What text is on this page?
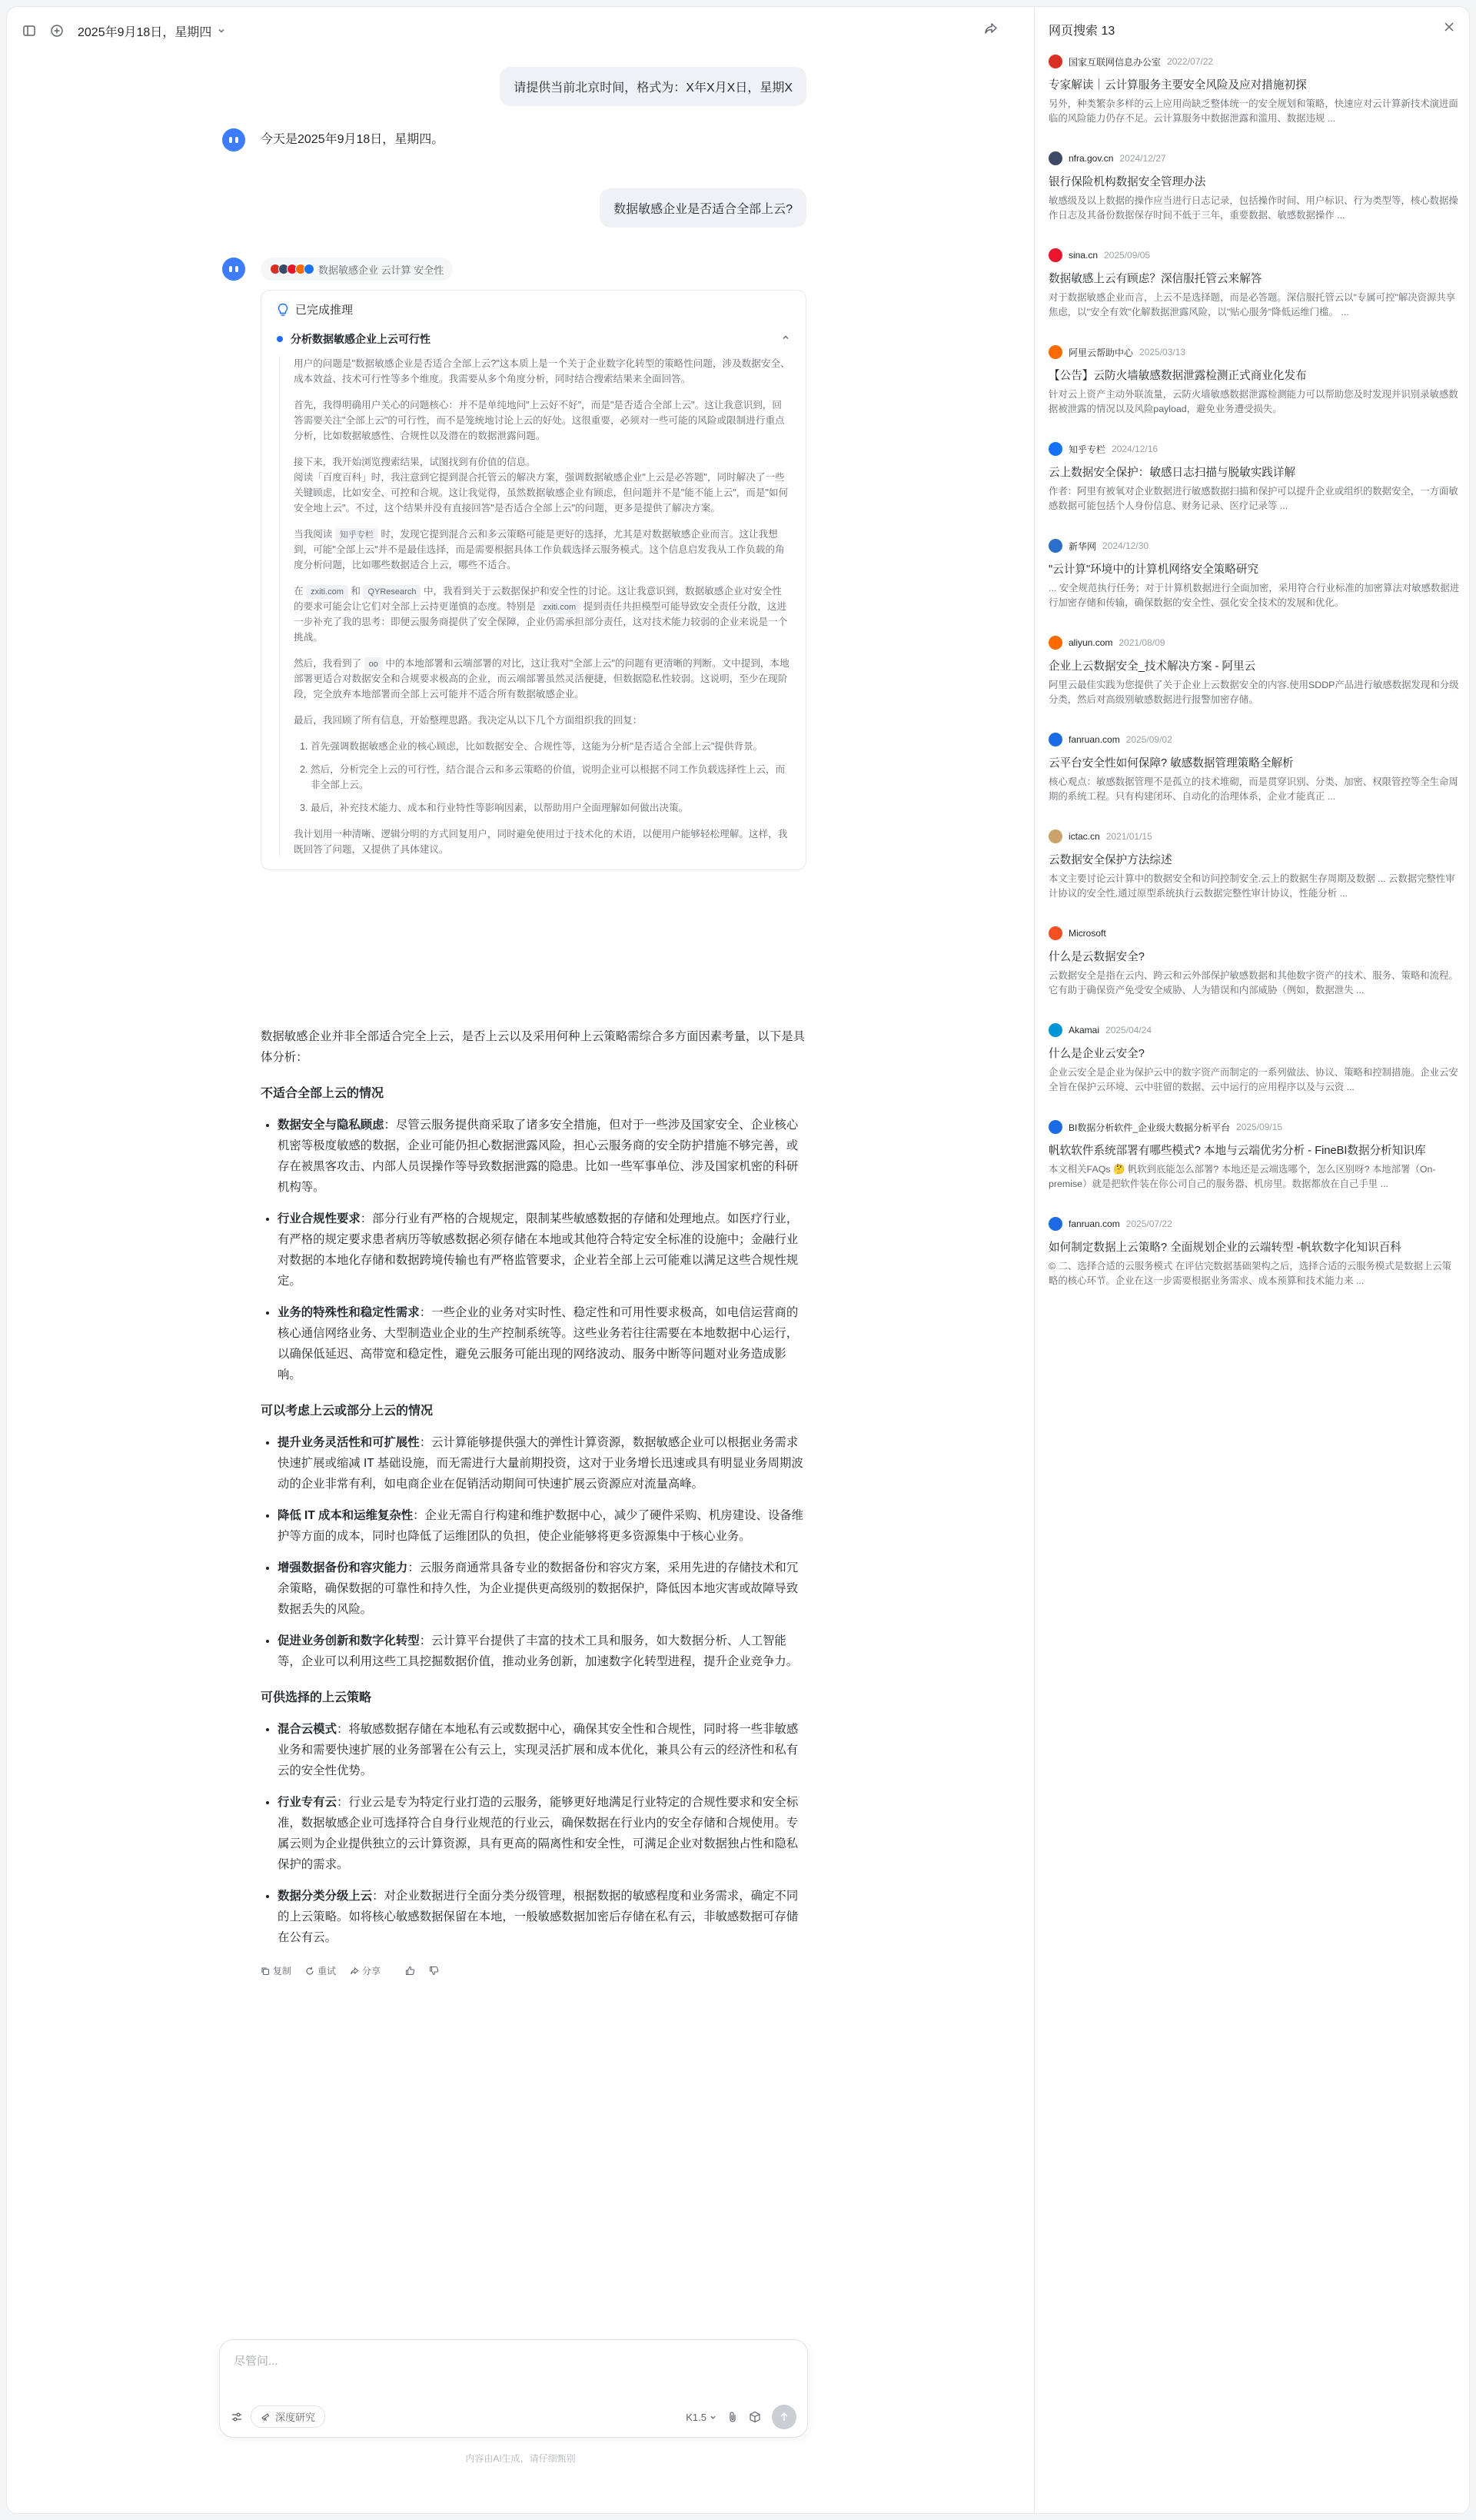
2025年9月18日，星期四
请提供当前北京时间，格式为：X年X月X日，星期X
今天是2025年9月18日，星期四。
数据敏感企业是否适合全部上云?
数据敏感企业 云计算 安全性
已完成推理
分析数据敏感企业上云可行性

用户的问题是"数据敏感企业是否适合全部上云?"这本质上是一个关于企业数字化转型的策略性问题，涉及数据安全、成本效益、技术可行性等多个维度。我需要从多个角度分析，同时结合搜索结果来全面回答。

首先，我得明确用户关心的问题核心：并不是单纯地问"上云好不好"，而是"是否适合全部上云"。这让我意识到，回答需要关注"全部上云"的可行性，而不是笼统地讨论上云的好处。这很重要，必须对一些可能的风险或限制进行重点分析，比如数据敏感性、合规性以及潜在的数据泄露问题。

接下来，我开始浏览搜索结果，试图找到有价值的信息。
阅读「百度百科」时，我注意到它提到混合托管云的解决方案，强调数据敏感企业"上云是必答题"，同时解决了一些关键顾虑，比如安全、可控和合规。这让我觉得，虽然数据敏感企业有顾虑，但问题并不是"能不能上云"，而是"如何安全地上云"。不过，这个结果并没有直接回答"是否适合全部上云"的问题，更多是提供了解决方案。

当我阅读 知乎专栏 时，发现它提到混合云和多云策略可能是更好的选择，尤其是对数据敏感企业而言。这让我想到，可能"全部上云"并不是最佳选择，而是需要根据具体工作负载选择云服务模式。这个信息启发我从工作负载的角度分析问题，比如哪些数据适合上云，哪些不适合。

在 zxiti.com 和 QYResearch 中，我看到关于云数据保护和安全性的讨论。这让我意识到，数据敏感企业对安全性的要求可能会让它们对全部上云持更谨慎的态度。特别是 zxiti.com 提到责任共担模型可能导致安全责任分散，这进一步补充了我的思考：即便云服务商提供了安全保障，企业仍需承担部分责任，这对技术能力较弱的企业来说是一个挑战。

然后，我看到了 oo 中的本地部署和云端部署的对比，这让我对"全部上云"的问题有更清晰的判断。文中提到，本地部署更适合对数据安全和合规要求极高的企业，而云端部署虽然灵活便捷，但数据隐私性较弱。这说明，至少在现阶段，完全放弃本地部署而全部上云可能并不适合所有数据敏感企业。

最后，我回顾了所有信息，开始整理思路。我决定从以下几个方面组织我的回复：

1. 首先强调数据敏感企业的核心顾虑，比如数据安全、合规性等，这能为分析"是否适合全部上云"提供背景。
2. 然后，分析完全上云的可行性，结合混合云和多云策略的价值，说明企业可以根据不同工作负载选择性上云，而非全部上云。
3. 最后，补充技术能力、成本和行业特性等影响因素，以帮助用户全面理解如何做出决策。

我计划用一种清晰、逻辑分明的方式回复用户，同时避免使用过于技术化的术语，以便用户能够轻松理解。这样，我既回答了问题，又提供了具体建议。

数据敏感企业并非全部适合完全上云，是否上云以及采用何种上云策略需综合多方面因素考量，以下是具体分析：

不适合全部上云的情况
• 数据安全与隐私顾虑：尽管云服务提供商采取了诸多安全措施，但对于一些涉及国家安全、企业核心机密等极度敏感的数据，企业可能仍担心数据泄露风险，担心云服务商的安全防护措施不够完善，或存在被黑客攻击、内部人员误操作等导致数据泄露的隐患。比如一些军事单位、涉及国家机密的科研机构等。
• 行业合规性要求：部分行业有严格的合规规定，限制某些敏感数据的存储和处理地点。如医疗行业，有严格的规定要求患者病历等敏感数据必须存储在本地或其他符合特定安全标准的设施中；金融行业对数据的本地化存储和数据跨境传输也有严格监管要求，企业若全部上云可能难以满足这些合规性规定。
• 业务的特殊性和稳定性需求：一些企业的业务对实时性、稳定性和可用性要求极高，如电信运营商的核心通信网络业务、大型制造业企业的生产控制系统等。这些业务若往往需要在本地数据中心运行，以确保低延迟、高带宽和稳定性，避免云服务可能出现的网络波动、服务中断等问题对业务造成影响。
可以考虑上云或部分上云的情况
• 提升业务灵活性和可扩展性：云计算能够提供强大的弹性计算资源，数据敏感企业可以根据业务需求快速扩展或缩减 IT 基础设施，而无需进行大量前期投资，这对于业务增长迅速或具有明显业务周期波动的企业非常有利，如电商企业在促销活动期间可快速扩展云资源应对流量高峰。
• 降低 IT 成本和运维复杂性：企业无需自行构建和维护数据中心，减少了硬件采购、机房建设、设备维护等方面的成本，同时也降低了运维团队的负担，使企业能够将更多资源集中于核心业务。
• 增强数据备份和容灾能力：云服务商通常具备专业的数据备份和容灾方案，采用先进的存储技术和冗余策略，确保数据的可靠性和持久性，为企业提供更高级别的数据保护，降低因本地灾害或故障导致数据丢失的风险。
• 促进业务创新和数字化转型：云计算平台提供了丰富的技术工具和服务，如大数据分析、人工智能等，企业可以利用这些工具挖掘数据价值，推动业务创新，加速数字化转型进程，提升企业竞争力。
可供选择的上云策略
• 混合云模式：将敏感数据存储在本地私有云或数据中心，确保其安全性和合规性，同时将一些非敏感业务和需要快速扩展的业务部署在公有云上，实现灵活扩展和成本优化，兼具公有云的经济性和私有云的安全性优势。
• 行业专有云：行业云是专为特定行业打造的云服务，能够更好地满足行业特定的合规性要求和安全标准，数据敏感企业可选择符合自身行业规范的行业云，确保数据在行业内的安全存储和合规使用。专属云则为企业提供独立的云计算资源，具有更高的隔离性和安全性，可满足企业对数据独占性和隐私保护的需求。
• 数据分类分级上云：对企业数据进行全面分类分级管理，根据数据的敏感程度和业务需求，确定不同的上云策略。如将核心敏感数据保留在本地，一般敏感数据加密后存储在私有云，非敏感数据可存储在公有云。
复制	重试	分享
尽管问...
深度研究	K1.5
内容由AI生成，请仔细甄别
网页搜索 13
国家互联网信息办公室 2022/07/22
专家解读｜云计算服务主要安全风险及应对措施初探
另外，种类繁杂多样的云上应用尚缺乏整体统一的安全规划和策略，快速应对云计算新技术演进面临的风险能力仍存不足。云计算服务中数据泄露和滥用、数据违规 ...
nfra.gov.cn 2024/12/27
银行保险机构数据安全管理办法
敏感级及以上数据的操作应当进行日志记录，包括操作时间、用户标识、行为类型等，核心数据操作日志及其备份数据保存时间不低于三年，重要数据、敏感数据操作 ...
sina.cn 2025/09/05
数据敏感上云有顾虑？深信服托管云来解答
对于数据敏感企业而言，上云不是选择题，而是必答题。深信服托管云以"专属可控"解决资源共享焦虑，以"安全有效"化解数据泄露风险，以"贴心服务"降低运维门槛。 ...
阿里云帮助中心 2025/03/13
【公告】云防火墙敏感数据泄露检测正式商业化发布
针对云上资产主动外联流量，云防火墙敏感数据泄露检测能力可以帮助您及时发现并识别录敏感数据被泄露的情况以及风险payload，避免业务遭受损失。
知乎专栏 2024/12/16
云上数据安全保护：敏感日志扫描与脱敏实践详解
作者：阿里有被氧对企业数据进行敏感数据扫描和保护可以提升企业或组织的数据安全，一方面敏感数据可能包括个人身份信息、财务记录、医疗记录等 ...
新华网 2024/12/30
"云计算"环境中的计算机网络安全策略研究
... 安全规范执行任务；对于计算机数据进行全面加密，采用符合行业标准的加密算法对敏感数据进行加密存储和传输，确保数据的安全性、强化安全技术的发展和优化。
aliyun.com 2021/08/09
企业上云数据安全_技术解决方案 - 阿里云
阿里云最佳实践为您提供了关于企业上云数据安全的内容.使用SDDP产品进行敏感数据发现和分级分类，然后对高级别敏感数据进行报警加密存储。
fanruan.com 2025/09/02
云平台安全性如何保障? 敏感数据管理策略全解析
核心观点：敏感数据管理不是孤立的技术堆砌，而是贯穿识别、分类、加密、权限管控等全生命周期的系统工程。只有构建闭环、自动化的治理体系，企业才能真正 ...
ictac.cn 2021/01/15
云数据安全保护方法综述
本文主要讨论云计算中的数据安全和访问控制安全.云上的数据生存周期及数据 ... 云数据完整性审计协议的安全性.通过原型系统执行云数据完整性审计协议，性能分析 ...
Microsoft
什么是云数据安全?
云数据安全是指在云内、跨云和云外部保护敏感数据和其他数字资产的技术、服务、策略和流程。它有助于确保资产免受安全威胁、人为错误和内部威胁（例如，数据泄失 ...
Akamai 2025/04/24
什么是企业云安全?
企业云安全是企业为保护云中的数字资产而制定的一系列做法、协议、策略和控制措施。企业云安全旨在保护云环境、云中驻留的数据、云中运行的应用程序以及与云资 ...
BI数据分析软件_企业级大数据分析平台 2025/09/15
帆软软件系统部署有哪些模式? 本地与云端优劣分析 - FineBI数据分析知识库
本文相关FAQs 🤔 帆软到底能怎么部署? 本地还是云端选哪个，怎么区别呀? 本地部署（On-premise）就是把软件装在你公司自己的服务器、机房里。数据都放在自己手里 ...
fanruan.com 2025/07/22
如何制定数据上云策略? 全面规划企业的云端转型 -帆软数字化知识百科
© 二、选择合适的云服务模式 在评估完数据基础架构之后，选择合适的云服务模式是数据上云策略的核心环节。企业在这一步需要根据业务需求、成本预算和技术能力来 ...
